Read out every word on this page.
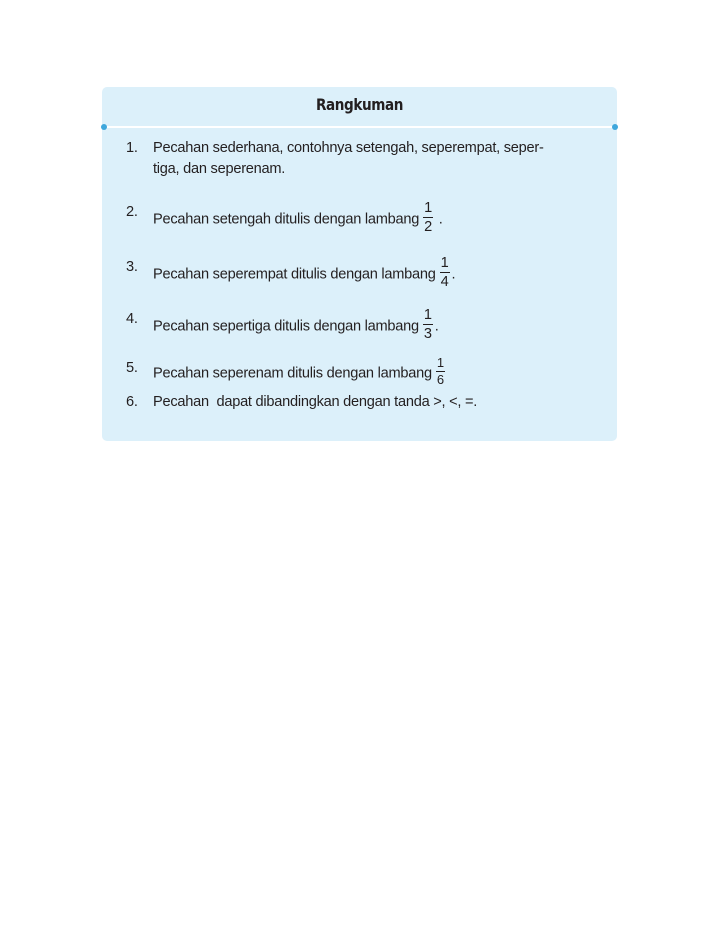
Rangkuman
1. Pecahan sederhana, contohnya setengah, seperempat, seper-
tiga, dan seperenam.
2. Pecahan setengah ditulis dengan lambang $\frac{1}{2}$ .
3. Pecahan seperempat ditulis dengan lambang $\frac{1}{4}$ .
4. Pecahan sepertiga ditulis dengan lambang $\frac{1}{3}$ .
5. Pecahan seperenam ditulis dengan lambang $\frac{1}{6}$
6. Pecahan  dapat dibandingkan dengan tanda >, <, =.
